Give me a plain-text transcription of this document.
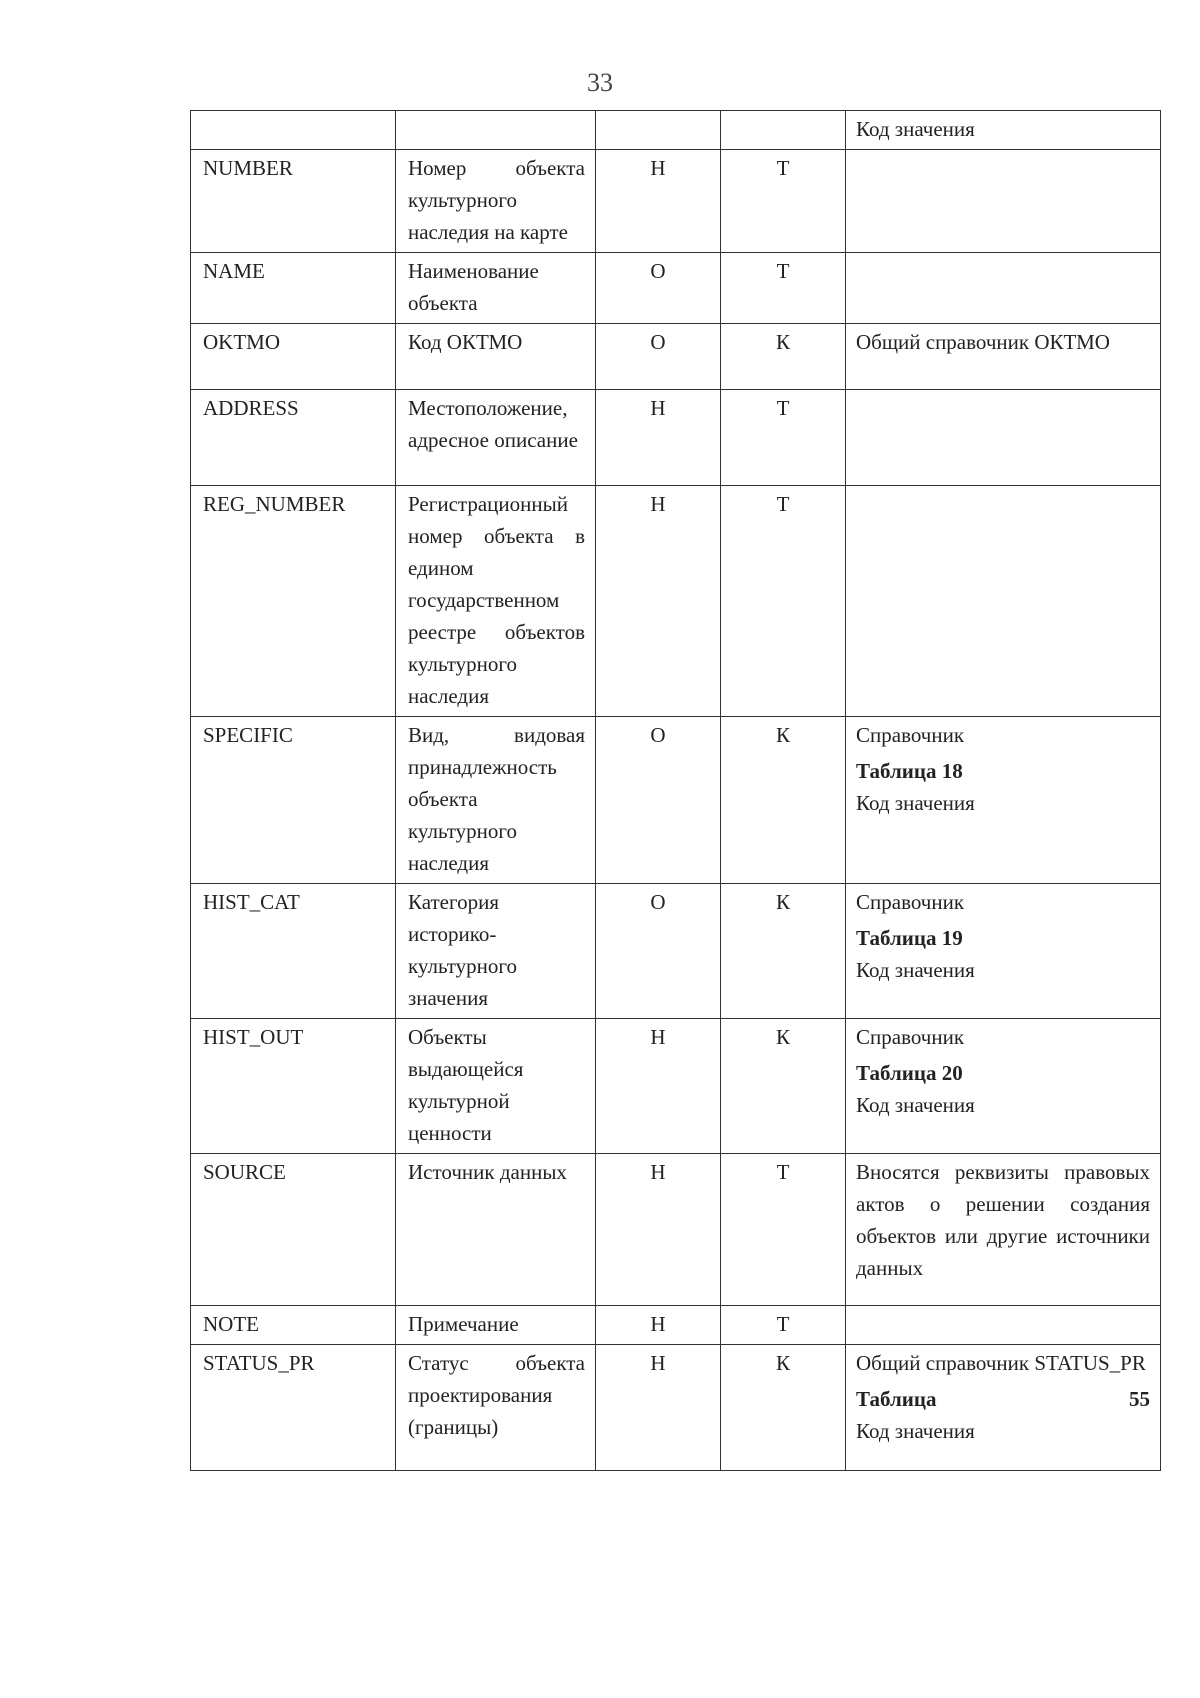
33
				Код значения
NUMBER	Номер объекта культурного наследия на карте	Н	Т	
NAME	Наименование объекта	О	Т	
OKTMO	Код ОКТМО	О	К	Общий справочник ОКТМО

ADDRESS	Местоположение, адресное описание	Н	Т	
REG_NUMBER	Регистрационный номер объекта в едином государственном реестре объектов культурного наследия	Н	Т	
SPECIFIC	Вид, видовая принадлежность объекта культурного наследия	О	К	Справочник
Таблица 18
Код значения

HIST_CAT	Категория историко-культурного значения	О	К	Справочник
Таблица 19
Код значения

HIST_OUT	Объекты выдающейся культурной ценности	Н	К	Справочник
Таблица 20
Код значения

SOURCE	Источник данных	Н	Т	Вносятся реквизиты правовых актов о решении создания объектов или другие источники данных

NOTE	Примечание	Н	Т	
STATUS_PR	Статус объекта проектирования (границы)	Н	К	Общий справочник STATUS_PR
Таблица 55
Код значения
